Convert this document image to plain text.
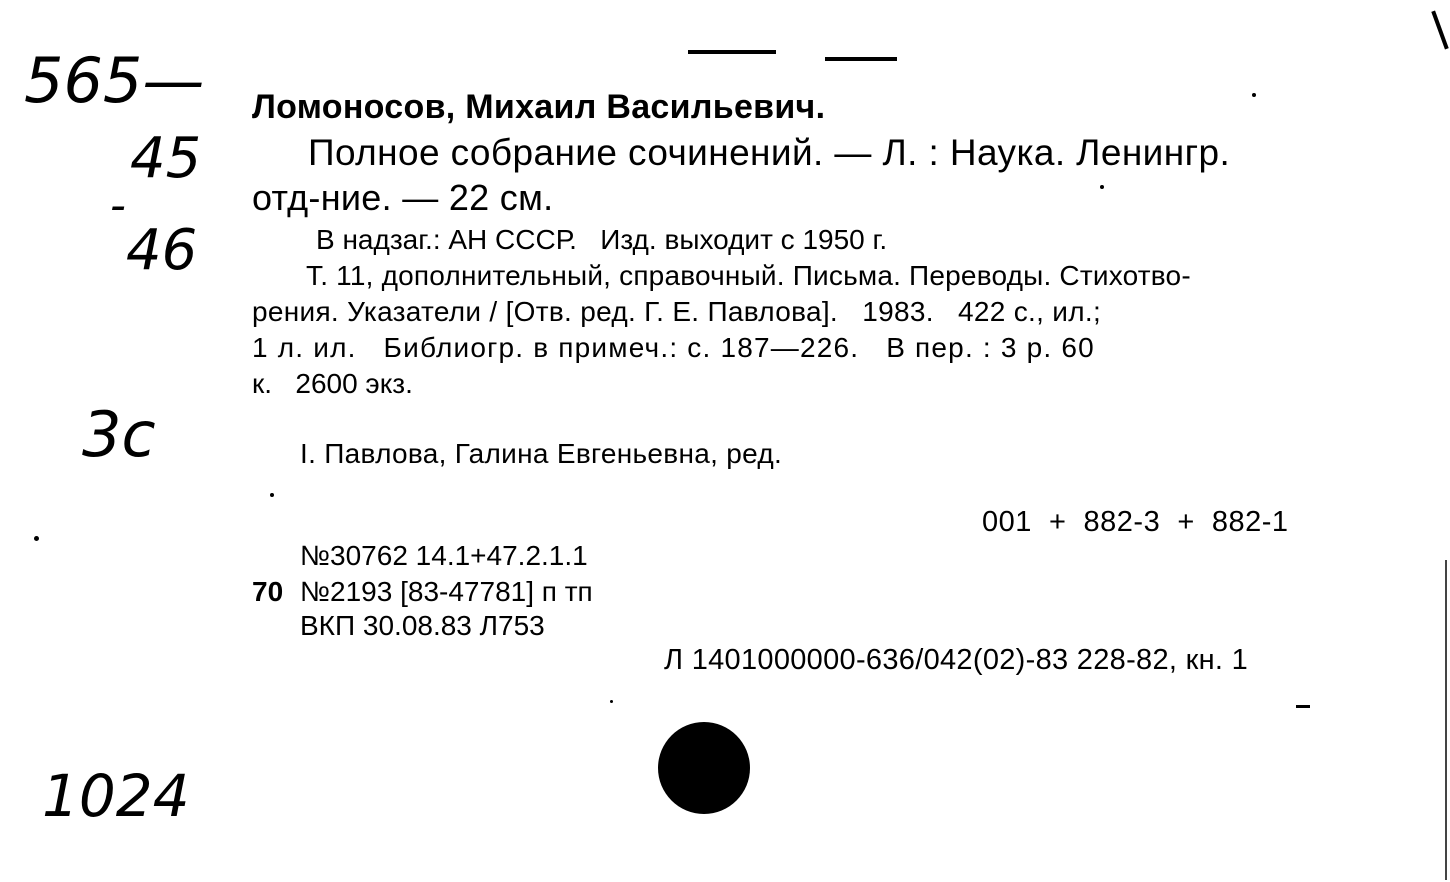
565—
45
-
46
3с
1024
Ломоносов, Михаил Васильевич.
Полное собрание сочинений. — Л. : Наука. Ленингр.
отд-ние. — 22 см.
В надзаг.: АН СССР.   Изд. выходит с 1950 г.
Т. 11, дополнительный, справочный. Письма. Переводы. Стихотво-
рения. Указатели / [Отв. ред. Г. Е. Павлова].   1983.   422 с., ил.;
1 л. ил.   Библиогр. в примеч.: с. 187—226.   В пер. : 3 р. 60
к.   2600 экз.
I. Павлова, Галина Евгеньевна, ред.
001  +  882-3  +  882-1
№30762 14.1+47.2.1.1
70 №2193 [83-47781] п тп
ВКП 30.08.83 Л753
Л 1401000000-636/042(02)-83 228-82, кн. 1
